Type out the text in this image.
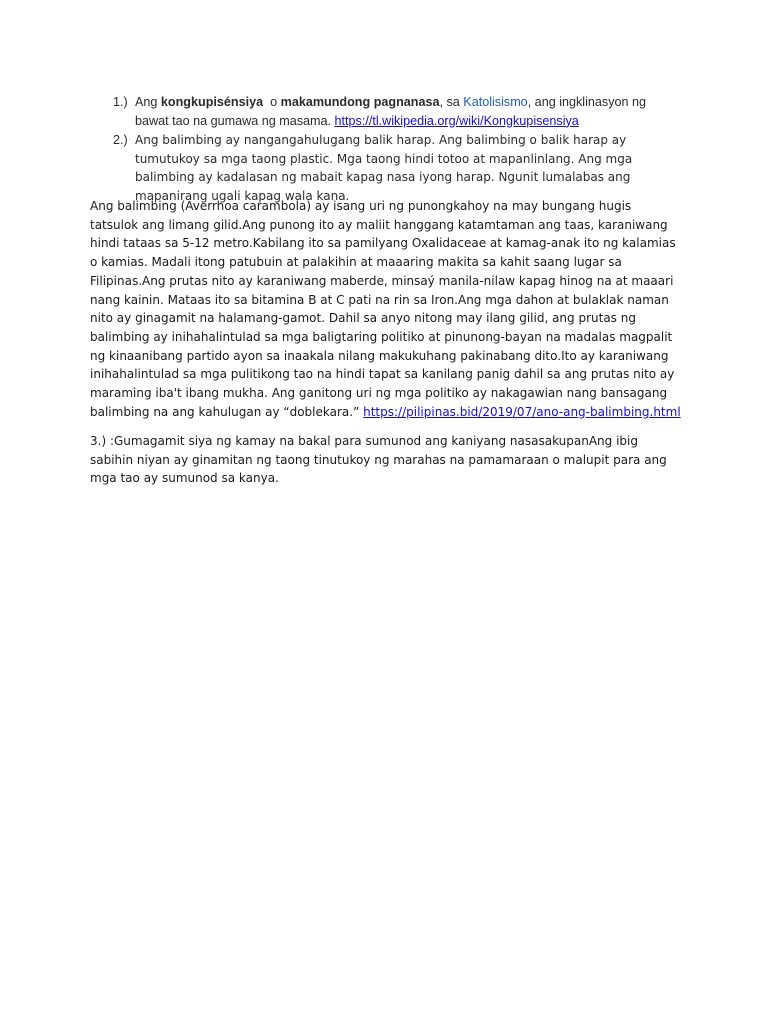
1.) Ang kongkupisénsiya o makamundong pagnanasa, sa Katolisismo, ang ingklinasyon ng bawat tao na gumawa ng masama. https://tl.wikipedia.org/wiki/Kongkupisensiya
2.) Ang balimbing ay nangangahulugang balik harap. Ang balimbing o balik harap ay tumutukoy sa mga taong plastic. Mga taong hindi totoo at mapanlinlang. Ang mga balimbing ay kadalasan ng mabait kapag nasa iyong harap. Ngunit lumalabas ang mapanirang ugali kapag wala kana.

Ang balimbing (Averrhoa carambola) ay isang uri ng punongkahoy na may bungang hugis tatsulok ang limang gilid.Ang punong ito ay maliit hanggang katamtaman ang taas, karaniwang hindi tataas sa 5-12 metro.Kabilang ito sa pamilyang Oxalidaceae at kamag-anak ito ng kalamias o kamias. Madali itong patubuin at palakihin at maaaring makita sa kahit saang lugar sa Filipinas.Ang prutas nito ay karaniwang maberde, minsaý manila-nilaw kapag hinog na at maaari nang kainin. Mataas ito sa bitamina B at C pati na rin sa Iron.Ang mga dahon at bulaklak naman nito ay ginagamit na halamang-gamot. Dahil sa anyo nitong may ilang gilid, ang prutas ng balimbing ay inihahalintulad sa mga baligtaring politiko at pinunong-bayan na madalas magpalit ng kinaanibang partido ayon sa inaakala nilang makukuhang pakinabang dito.Ito ay karaniwang inihahalintulad sa mga pulitikong tao na hindi tapat sa kanilang panig dahil sa ang prutas nito ay maraming iba't ibang mukha. Ang ganitong uri ng mga politiko ay nakagawian nang bansagang balimbing na ang kahulugan ay “doblekara.” https://pilipinas.bid/2019/07/ano-ang-balimbing.html

3.) :Gumagamit siya ng kamay na bakal para sumunod ang kaniyang nasasakupanAng ibig sabihin niyan ay ginamitan ng taong tinutukoy ng marahas na pamamaraan o malupit para ang mga tao ay sumunod sa kanya.
